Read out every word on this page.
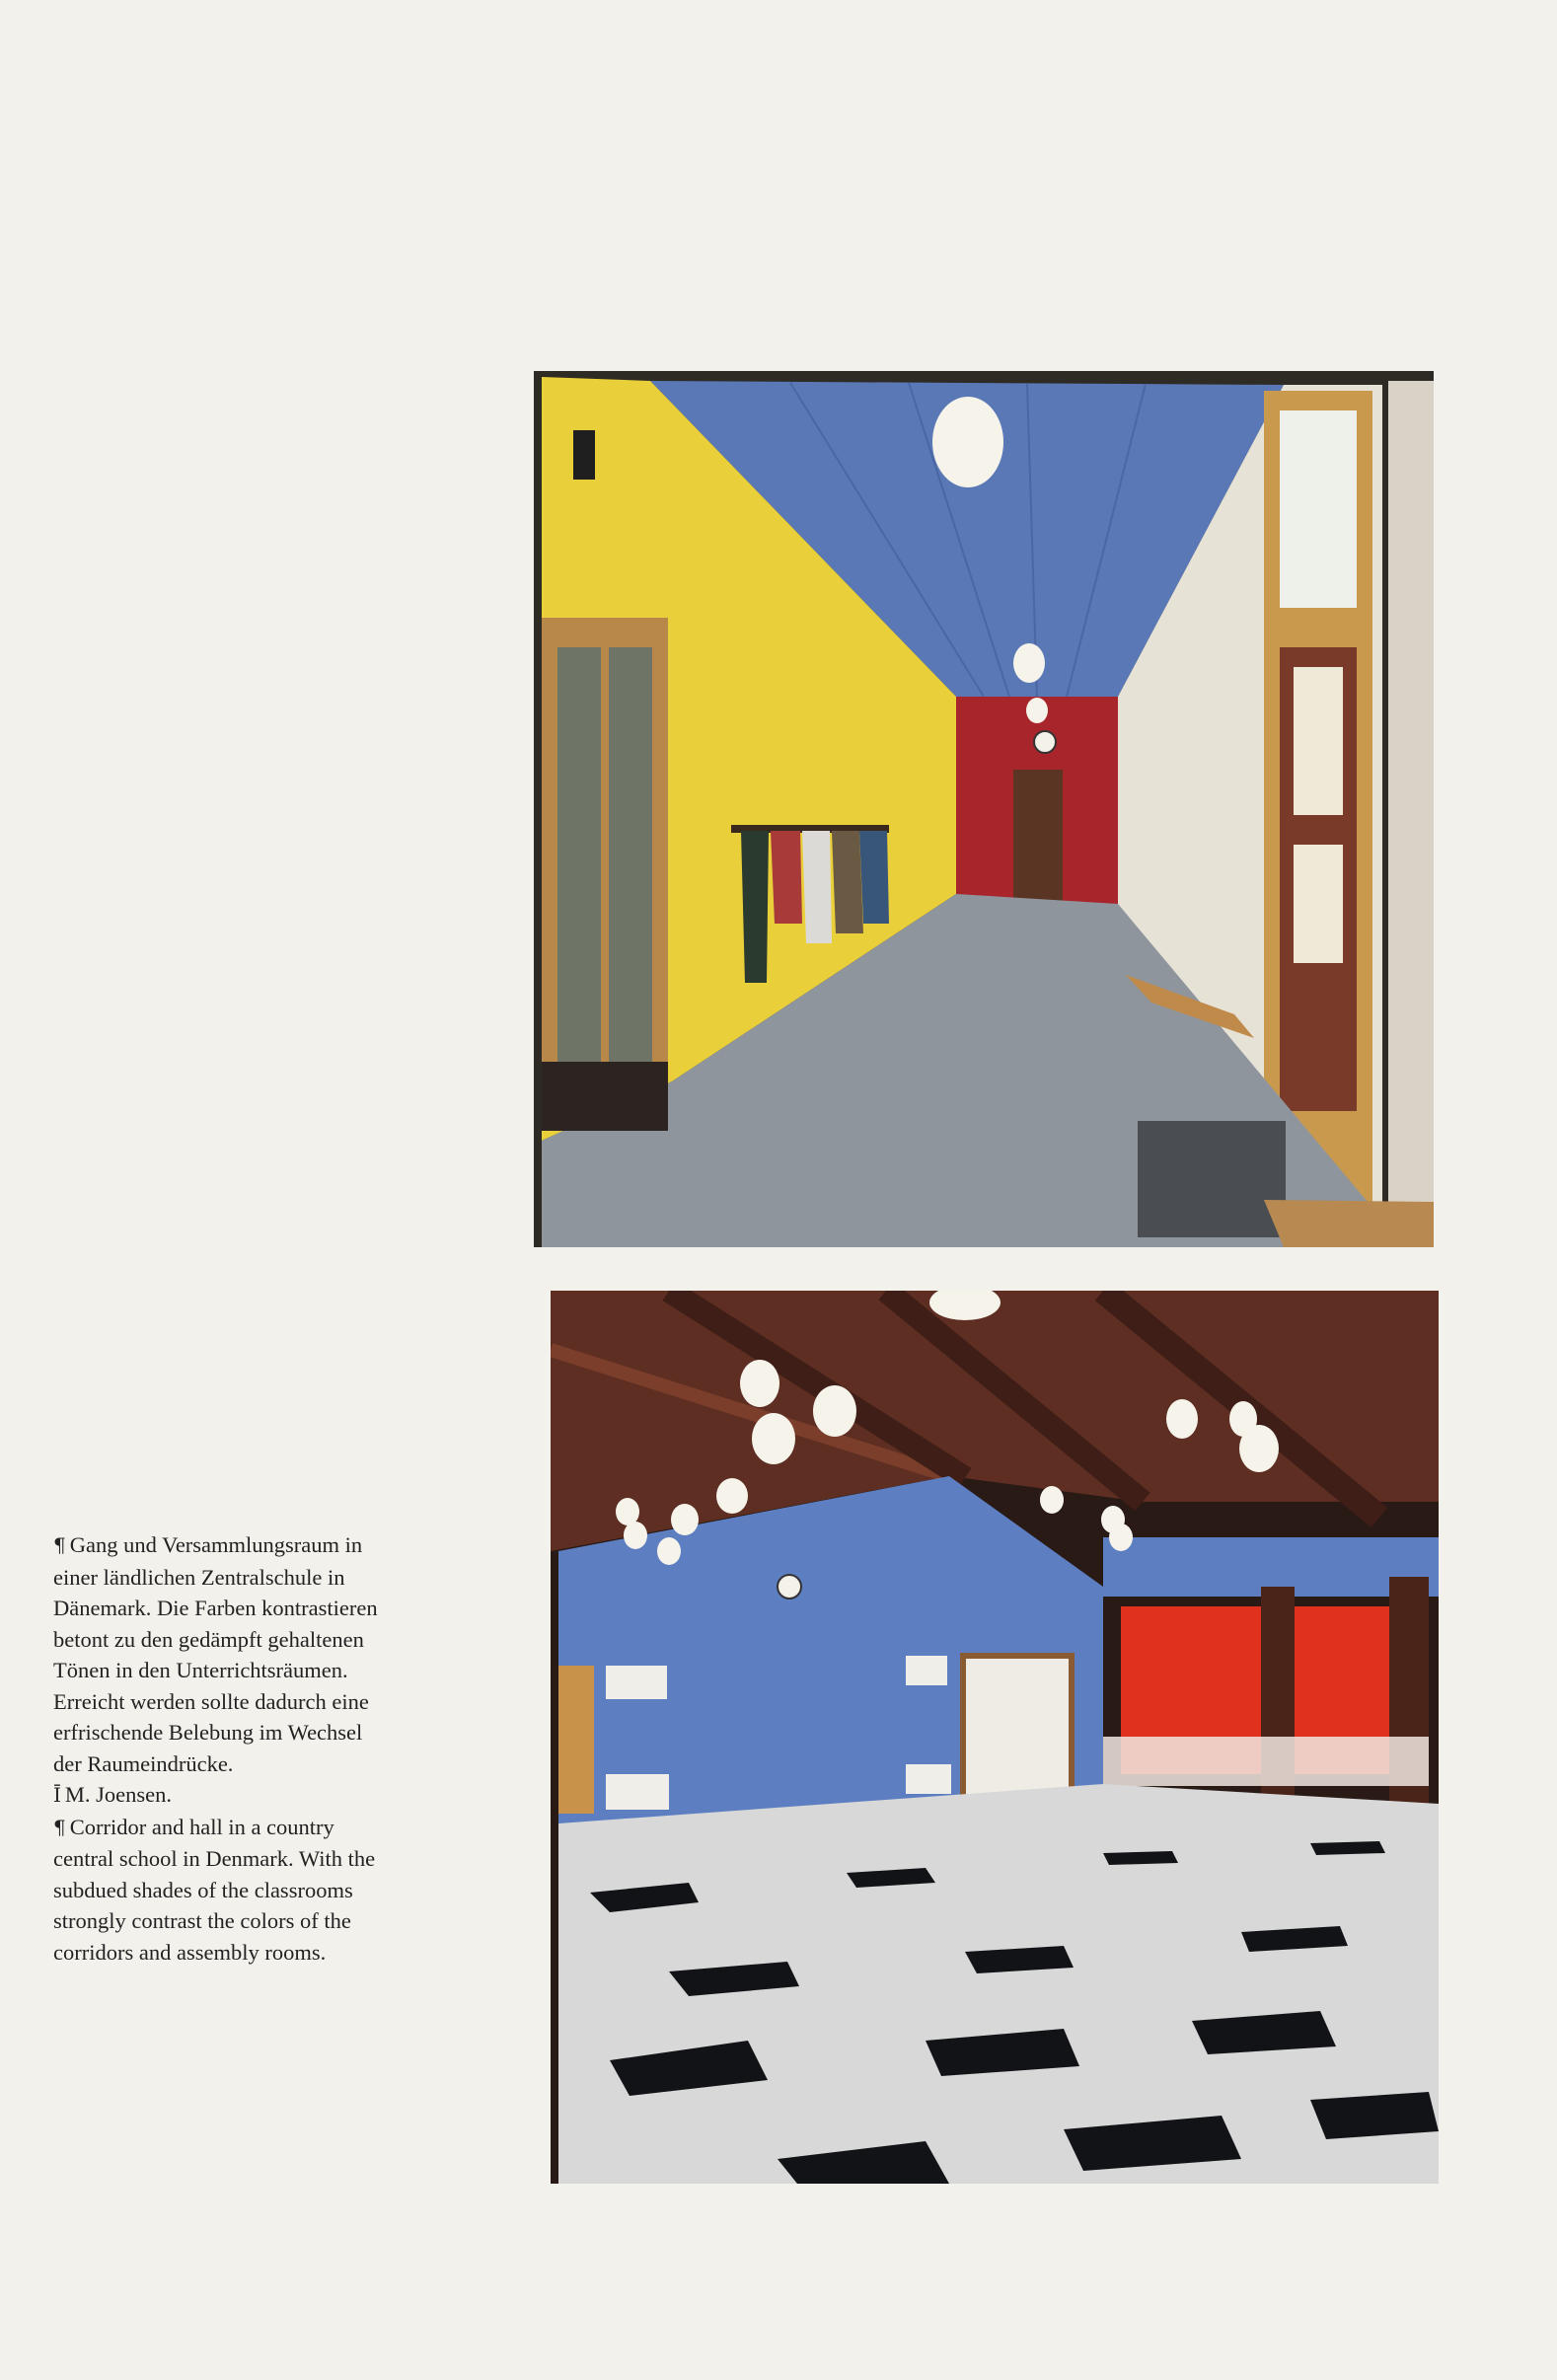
¶ Gang und Versammlungsraum in einer ländlichen Zentralschule in Dänemark. Die Farben kontrastieren betont zu den gedämpft gehaltenen Tönen in den Unterrichtsräumen. Erreicht werden sollte dadurch eine erfrischende Belebung im Wechsel der Raumeindrücke.

Ī M. Joensen.

¶ Corridor and hall in a country central school in Denmark. With the subdued shades of the classrooms strongly contrast the colors of the corridors and assembly rooms.
